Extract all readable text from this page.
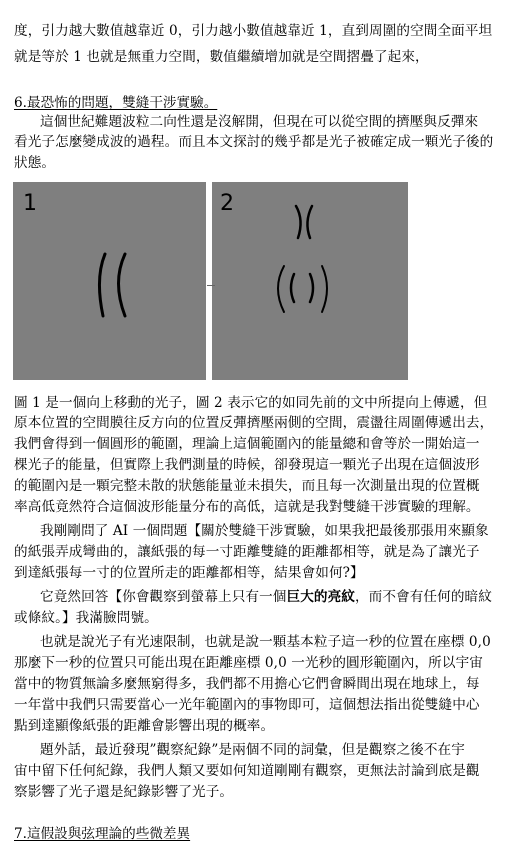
度，引力越大數值越靠近 0，引力越小數值越靠近 1，直到周圍的空間全面平坦
就是等於 1 也就是無重力空間，數值繼續增加就是空間摺疊了起來，
6.最恐怖的問題，雙縫干涉實驗。
這個世紀難題波粒二向性還是沒解開，但現在可以從空間的擠壓與反彈來
看光子怎麼變成波的過程。而且本文探討的幾乎都是光子被確定成一顆光子後的
狀態。
1	2
圖 1 是一個向上移動的光子，圖 2 表示它的如同先前的文中所提向上傳遞，但
原本位置的空間膜往反方向的位置反彈擠壓兩側的空間，震盪往周圍傳遞出去，
我們會得到一個圓形的範圍，理論上這個範圍內的能量總和會等於一開始這一
棵光子的能量，但實際上我們測量的時候，卻發現這一顆光子出現在這個波形
的範圍內是一顆完整未散的狀態能量並未損失，而且每一次測量出現的位置概
率高低竟然符合這個波形能量分布的高低，這就是我對雙縫干涉實驗的理解。
我剛剛問了 AI 一個問題【關於雙縫干涉實驗，如果我把最後那張用來顯象
的紙張弄成彎曲的，讓紙張的每一寸距離雙縫的距離都相等，就是為了讓光子
到達紙張每一寸的位置所走的距離都相等，結果會如何?】
它竟然回答【你會觀察到螢幕上只有一個巨大的亮紋，而不會有任何的暗紋
或條紋。】我滿臉問號。
也就是說光子有光速限制，也就是說一顆基本粒子這一秒的位置在座標 0,0
那麼下一秒的位置只可能出現在距離座標 0,0 一光秒的圓形範圍內，所以宇宙
當中的物質無論多麼無窮得多，我們都不用擔心它們會瞬間出現在地球上，每
一年當中我們只需要當心一光年範圍內的事物即可，這個想法指出從雙縫中心
點到達顯像紙張的距離會影響出現的概率。
題外話，最近發現”觀察紀錄”是兩個不同的詞彙，但是觀察之後不在宇
宙中留下任何紀錄，我們人類又要如何知道剛剛有觀察，更無法討論到底是觀
察影響了光子還是紀錄影響了光子。
7.這假設與弦理論的些微差異
